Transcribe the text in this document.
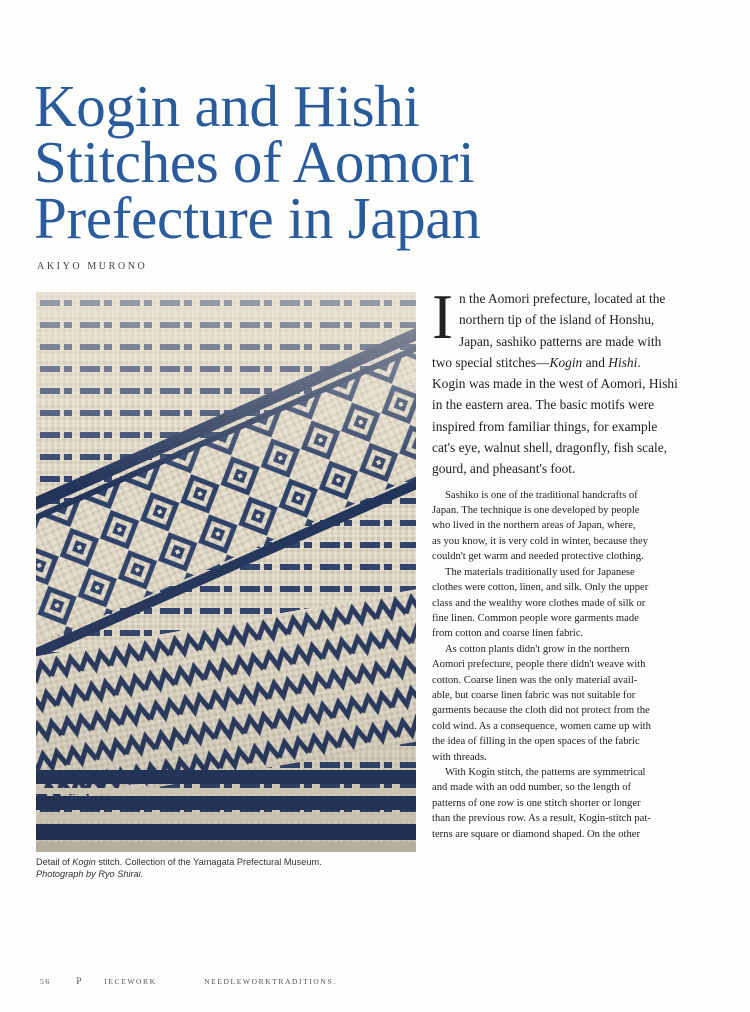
Kogin and Hishi
Stitches of Aomori
Prefecture in Japan
AKIYO MURONO
Detail of Kogin stitch. Collection of the Yamagata Prefectural Museum.
Photograph by Ryo Shirai.

I n the Aomori prefecture, located at the
northern tip of the island of Honshu,
Japan, sashiko patterns are made with
two special stitches—Kogin and Hishi.
Kogin was made in the west of Aomori, Hishi
in the eastern area. The basic motifs were
inspired from familiar things, for example
cat's eye, walnut shell, dragonfly, fish scale,
gourd, and pheasant's foot.

Sashiko is one of the traditional handcrafts of
Japan. The technique is one developed by people
who lived in the northern areas of Japan, where,
as you know, it is very cold in winter, because they
couldn't get warm and needed protective clothing.
The materials traditionally used for Japanese
clothes were cotton, linen, and silk. Only the upper
class and the wealthy wore clothes made of silk or
fine linen. Common people wore garments made
from cotton and coarse linen fabric.
As cotton plants didn't grow in the northern
Aomori prefecture, people there didn't weave with
cotton. Coarse linen was the only material avail-
able, but coarse linen fabric was not suitable for
garments because the cloth did not protect from the
cold wind. As a consequence, women came up with
the idea of filling in the open spaces of the fabric
with threads.
With Kogin stitch, the patterns are symmetrical
and made with an odd number, so the length of
patterns of one row is one stitch shorter or longer
than the previous row. As a result, Kogin-stitch pat-
terns are square or diamond shaped. On the other
56	P	IECEWORK	NEEDLEWORKTRADITIONS.
